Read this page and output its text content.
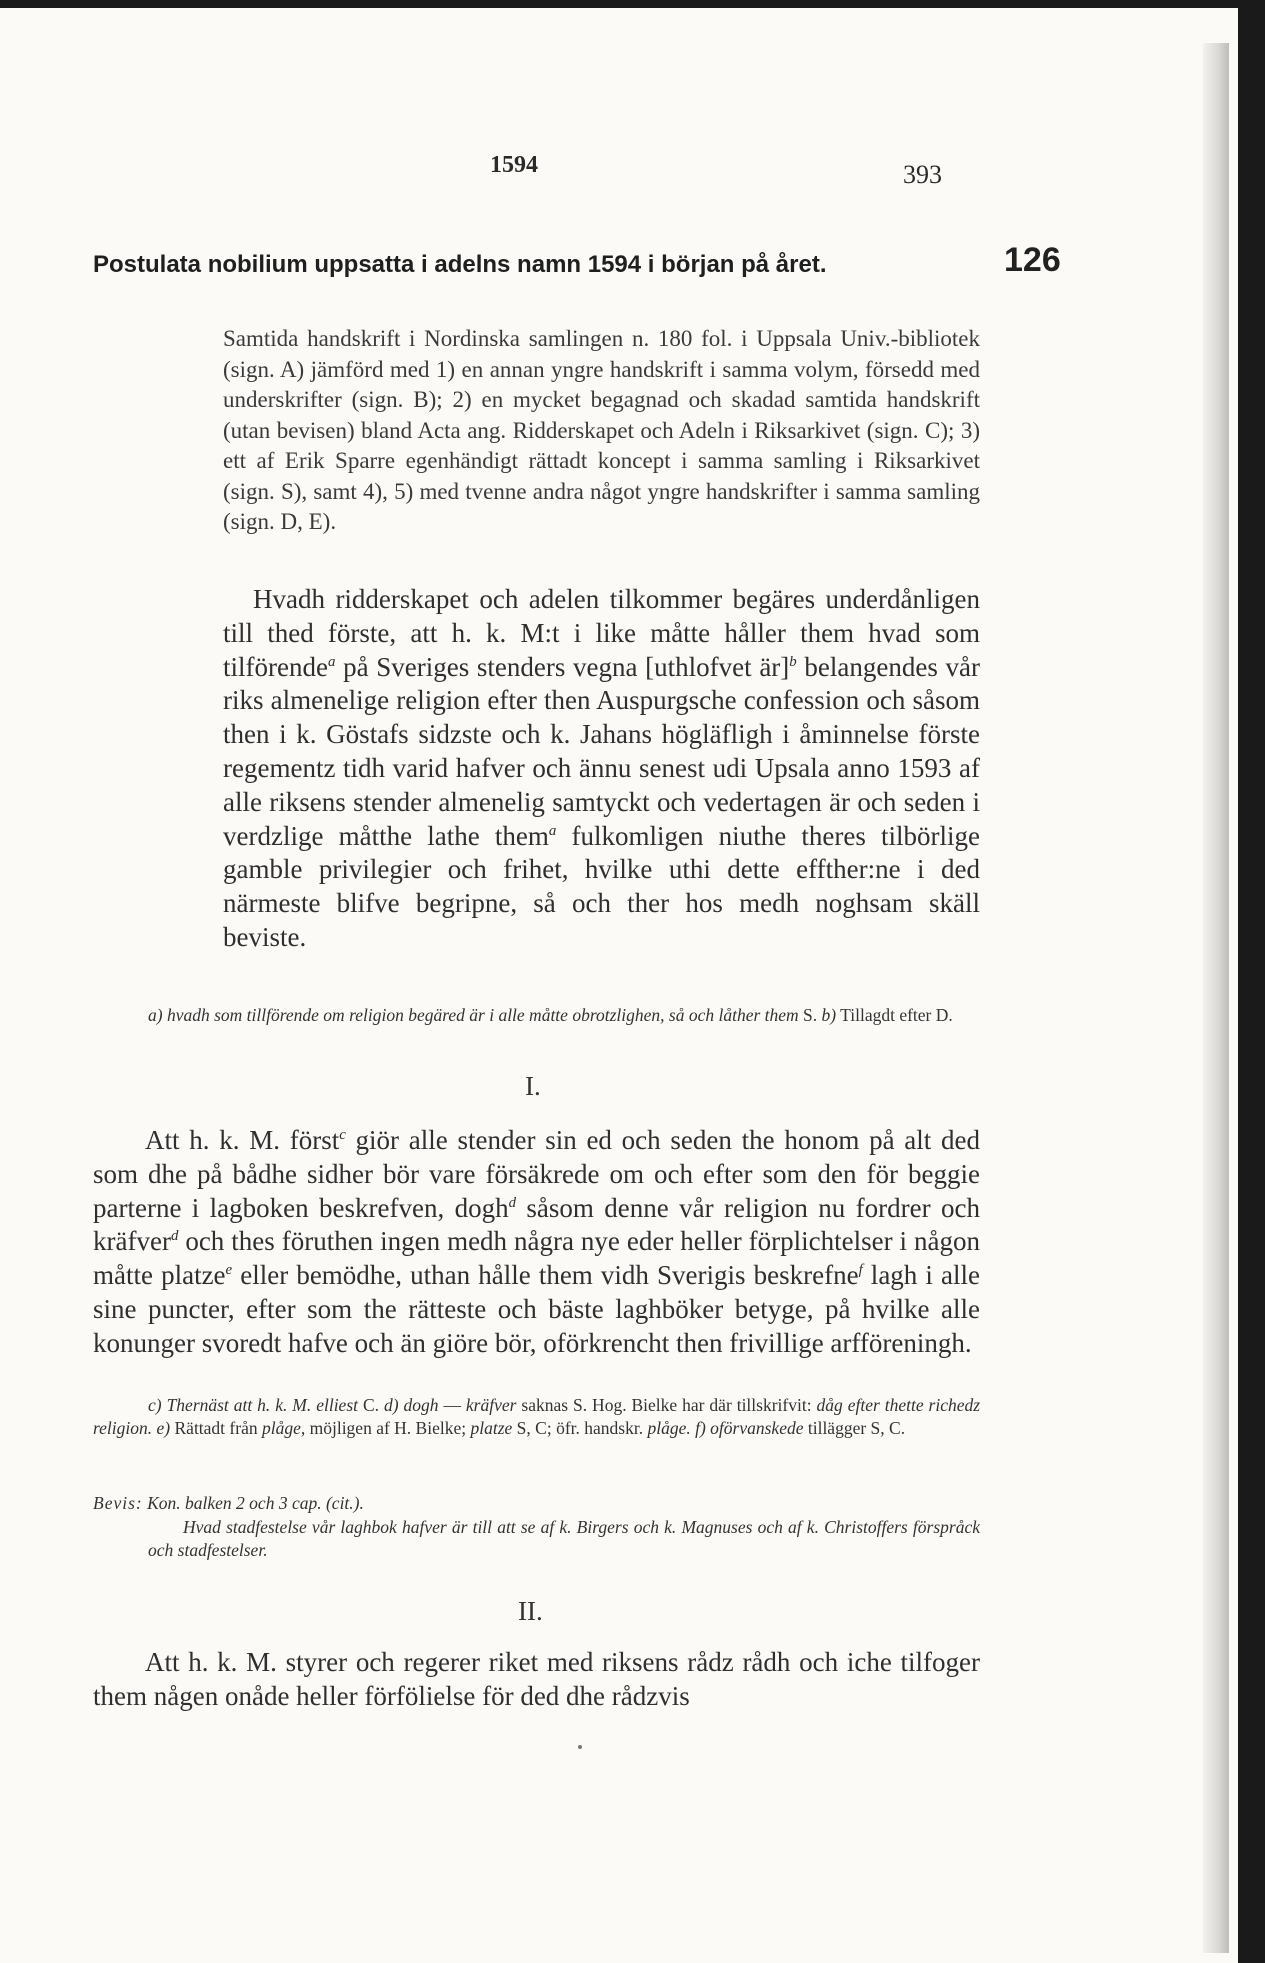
1594	393

Postulata nobilium uppsatta i adelns namn 1594 i början på året.	126

Samtida handskrift i Nordinska samlingen n. 180 fol. i Uppsala Univ.-bibliotek (sign. A) jämförd med 1) en annan yngre handskrift i samma volym, försedd med underskrifter (sign. B); 2) en mycket begagnad och skadad samtida handskrift (utan bevisen) bland Acta ang. Ridderskapet och Adeln i Riksarkivet (sign. C); 3) ett af Erik Sparre egenhändigt rättadt koncept i samma samling i Riksarkivet (sign. S), samt 4), 5) med tvenne andra något yngre handskrifter i samma samling (sign. D, E).

Hvadh ridderskapet och adelen tilkommer begäres underdånligen till thed förste, att h. k. M:t i like måtte håller them hvad som tilförende$^a$ på Sveriges stenders vegna [uthlofvet är]$^b$ belangendes vår riks almenelige religion efter then Auspurgsche confession och såsom then i k. Göstafs sidzste och k. Jahans högläfligh i åminnelse förste regementz tidh varid hafver och ännu senest udi Upsala anno 1593 af alle riksens stender almenelig samtyckt och vedertagen är och seden i verdzlige måtthe lathe them$^a$ fulkomligen niuthe theres tilbörlige gamble privilegier och frihet, hvilke uthi dette effther:ne i ded närmeste blifve begripne, så och ther hos medh noghsam skäll beviste.

a) hvadh som tillförende om religion begäred är i alle måtte obrotzlighen, så och låther them S. b) Tillagdt efter D.

I.

Att h. k. M. först$^c$ giör alle stender sin ed och seden the honom på alt ded som dhe på bådhe sidher bör vare försäkrede om och efter som den för beggie parterne i lagboken beskrefven, dogh$^d$ såsom denne vår religion nu fordrer och kräfver$^d$ och thes föruthen ingen medh några nye eder heller förplichtelser i någon måtte platze$^e$ eller bemödhe, uthan hålle them vidh Sverigis beskrefne$^f$ lagh i alle sine puncter, efter som the rätteste och bäste laghböker betyge, på hvilke alle konunger svoredt hafve och än giöre bör, oförkrencht then frivillige arfföreningh.

c) Thernäst att h. k. M. elliest C. d) dogh — kräfver saknas S. Hog. Bielke har där tillskrifvit: dåg efter thette richedz religion. e) Rättadt från plåge, möjligen af H. Bielke; platze S, C; öfr. handskr. plåge. f) oförvanskede tillägger S, C.

Bevis: Kon. balken 2 och 3 cap. (cit.).

Hvad stadfestelse vår laghbok hafver är till att se af k. Birgers och k. Magnuses och af k. Christoffers förspråck och stadfestelser.

II.

Att h. k. M. styrer och regerer riket med riksens rådz rådh och iche tilfoger them någen onåde heller förfölielse för ded dhe rådzvis
